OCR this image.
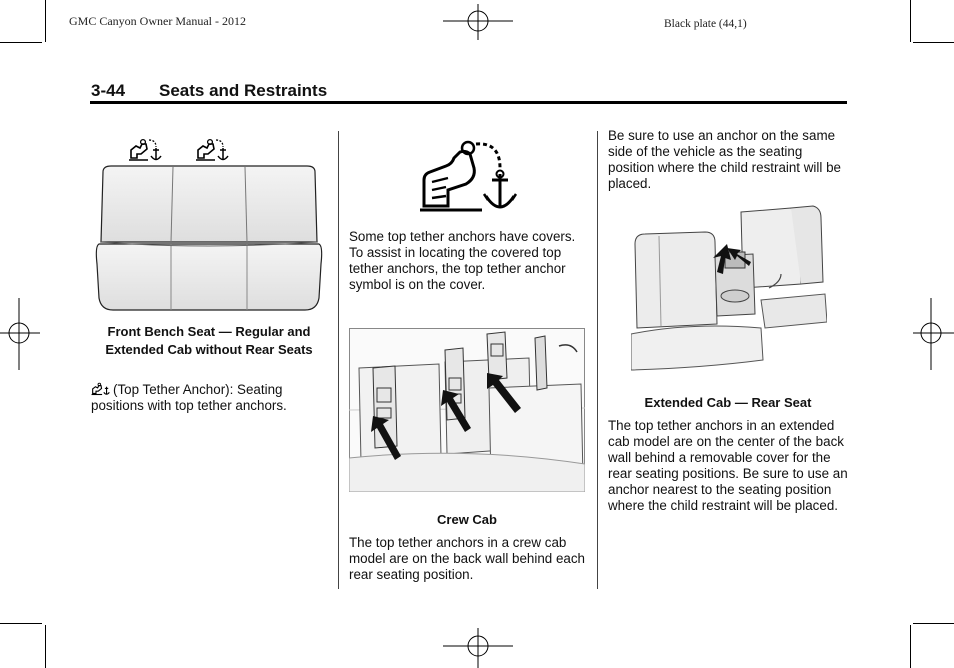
GMC Canyon Owner Manual - 2012	Black plate (44,1)
3-44 Seats and Restraints
Front Bench Seat — Regular and Extended Cab without Rear Seats
(Top Tether Anchor): Seating positions with top tether anchors.
Some top tether anchors have covers. To assist in locating the covered top tether anchors, the top tether anchor symbol is on the cover.
Crew Cab
The top tether anchors in a crew cab model are on the back wall behind each rear seating position.
Be sure to use an anchor on the same side of the vehicle as the seating position where the child restraint will be placed.
Extended Cab — Rear Seat
The top tether anchors in an extended cab model are on the center of the back wall behind a removable cover for the rear seating positions. Be sure to use an anchor nearest to the seating position where the child restraint will be placed.
